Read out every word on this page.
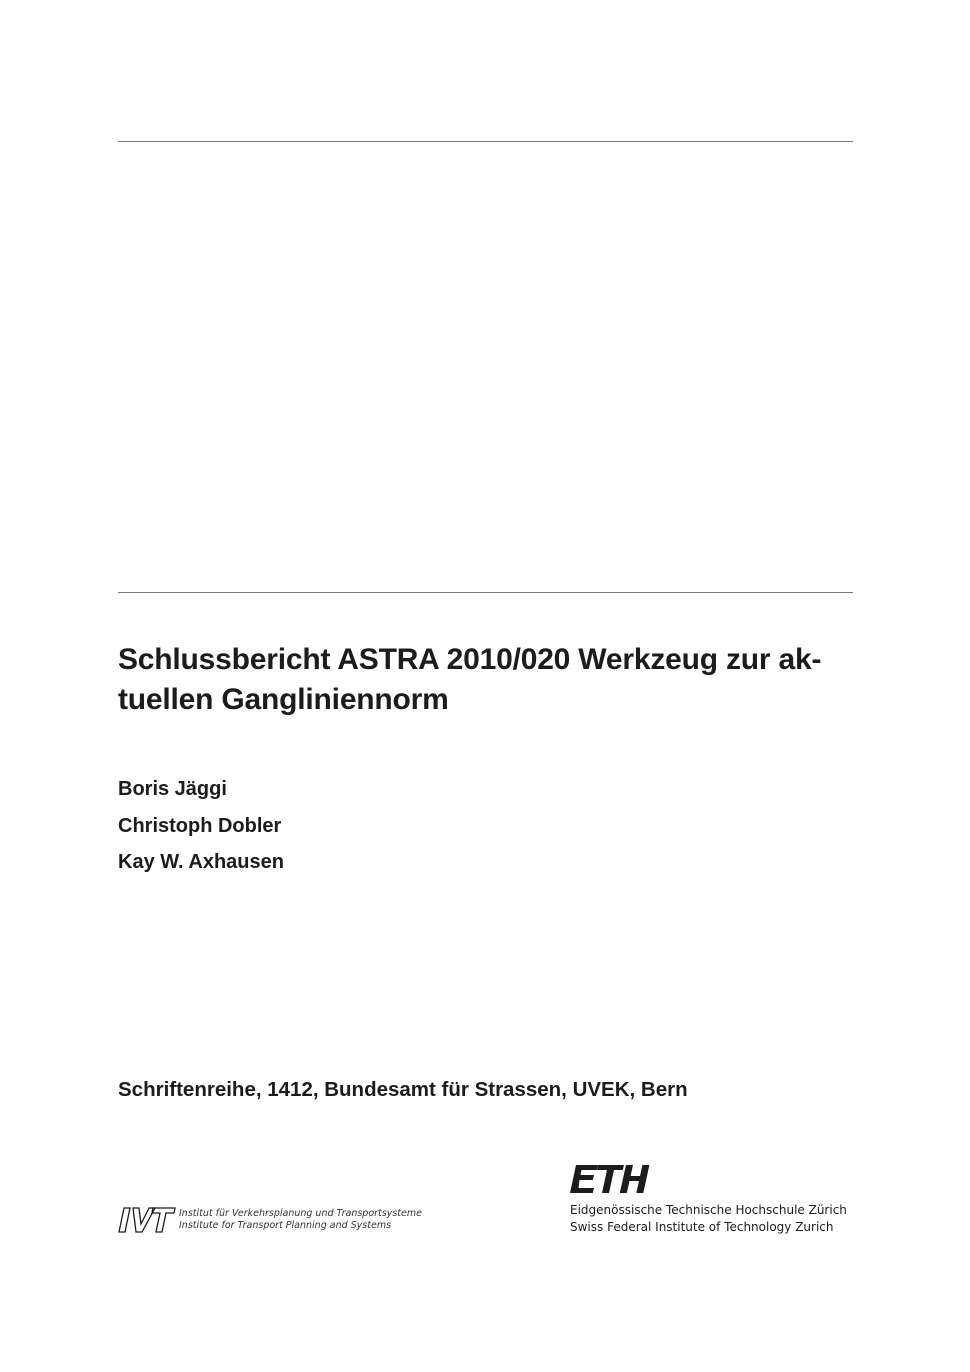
Schlussbericht ASTRA 2010/020 Werkzeug zur ak-
tuellen Gangliniennorm
Boris Jäggi
Christoph Dobler
Kay W. Axhausen
Schriftenreihe, 1412, Bundesamt für Strassen, UVEK, Bern
Institut für Verkehrsplanung und Transportsysteme
Institute for Transport Planning and Systems
Eidgenössische Technische Hochschule Zürich
Swiss Federal Institute of Technology Zurich
